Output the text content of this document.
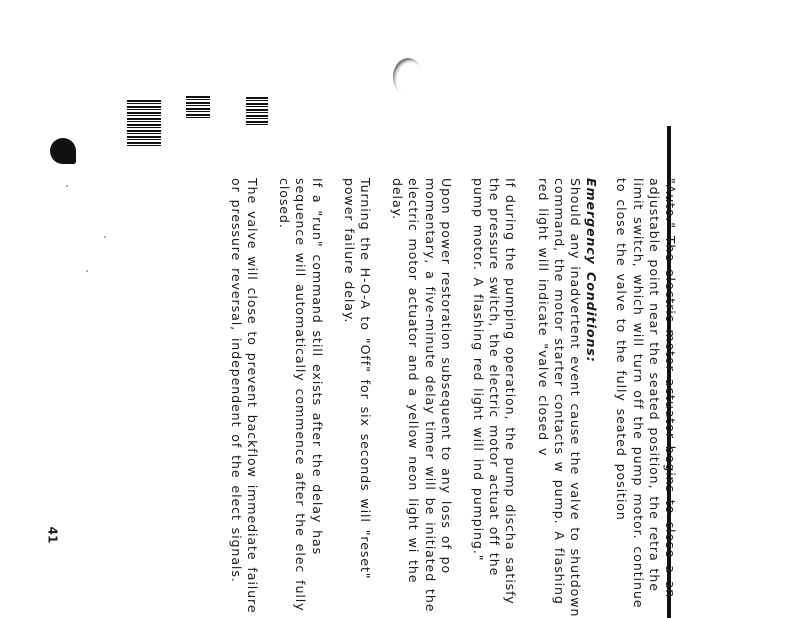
"Auto." The electric motor actuator begins to close a an adjustable point near the seated position, the retra the limit switch, which will turn off the pump motor. continue to close the valve to the fully seated position

Emergency Conditions:

Should any inadvertent event cause the valve to shutdown command, the motor starter contacts w pump. A flashing red light will indicate "valve closed v

If during the pumping operation, the pump discha satisfy the pressure switch, the electric motor actuat off the pump motor. A flashing red light will ind pumping."

Upon power restoration subsequent to any loss of po momentary, a five-minute delay timer will be initiated the electric motor actuator and a yellow neon light wi the delay.

Turning the H-O-A to "Off" for six seconds will "reset" power failure delay.

If a "run" command still exists after the delay has sequence will automatically commence after the elec fully closed.

The valve will close to prevent backflow immediate failure or pressure reversal, independent of the elect signals.

41
